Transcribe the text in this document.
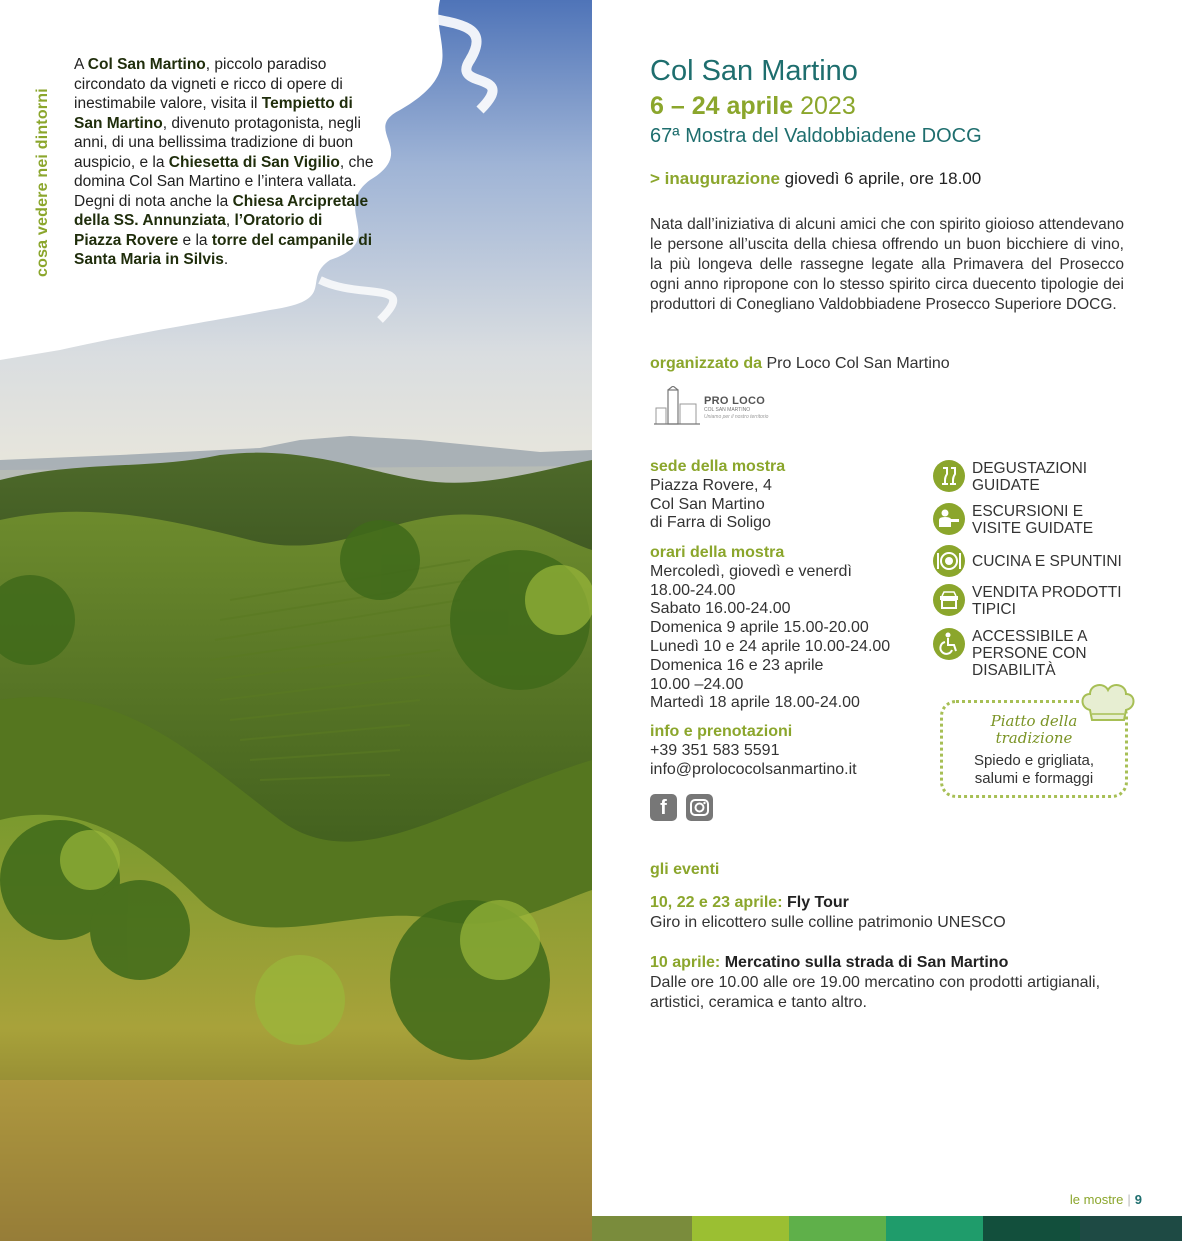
cosa vedere nei dintorni
A Col San Martino, piccolo paradiso circondato da vigneti e ricco di opere di inestimabile valore, visita il Tempietto di San Martino, divenuto protagonista, negli anni, di una bellissima tradizione di buon auspicio, e la Chiesetta di San Vigilio, che domina Col San Martino e l’intera vallata. Degni di nota anche la Chiesa Arcipretale della SS. Annunziata, l’Oratorio di Piazza Rovere e la torre del campanile di Santa Maria in Silvis.
Col San Martino
6 – 24 aprile 2023
67ª Mostra del Valdobbiadene DOCG
> inaugurazione giovedì 6 aprile, ore 18.00
Nata dall’iniziativa di alcuni amici che con spirito gioioso attendevano le persone all’uscita della chiesa offrendo un buon bicchiere di vino, la più longeva delle rassegne legate alla Primavera del Prosecco ogni anno ripropone con lo stesso spirito circa duecento tipologie dei produttori di Conegliano Valdobbiadene Prosecco Superiore DOCG.
organizzato da Pro Loco Col San Martino
PRO LOCO
COL SAN MARTINO
Uniamo per il nostro territorio
sede della mostra
Piazza Rovere, 4
Col San Martino
di Farra di Soligo
orari della mostra
Mercoledì, giovedì e venerdì
18.00-24.00
Sabato 16.00-24.00
Domenica 9 aprile 15.00-20.00
Lunedì 10 e 24 aprile 10.00-24.00
Domenica 16 e 23 aprile
10.00 –24.00
Martedì 18 aprile 18.00-24.00
info e prenotazioni
+39 351 583 5591
info@prolococolsanmartino.it
f
DEGUSTAZIONI
GUIDATE
ESCURSIONI E
VISITE GUIDATE
CUCINA E SPUNTINI
VENDITA PRODOTTI
TIPICI
ACCESSIBILE A
PERSONE CON
DISABILITÀ
Piatto della
tradizione
Spiedo e grigliata,
salumi e formaggi
gli eventi
10, 22 e 23 aprile: Fly Tour
Giro in elicottero sulle colline patrimonio UNESCO
10 aprile: Mercatino sulla strada di San Martino
Dalle ore 10.00 alle ore 19.00 mercatino con prodotti artigianali, artistici, ceramica e tanto altro.
le mostre | 9
